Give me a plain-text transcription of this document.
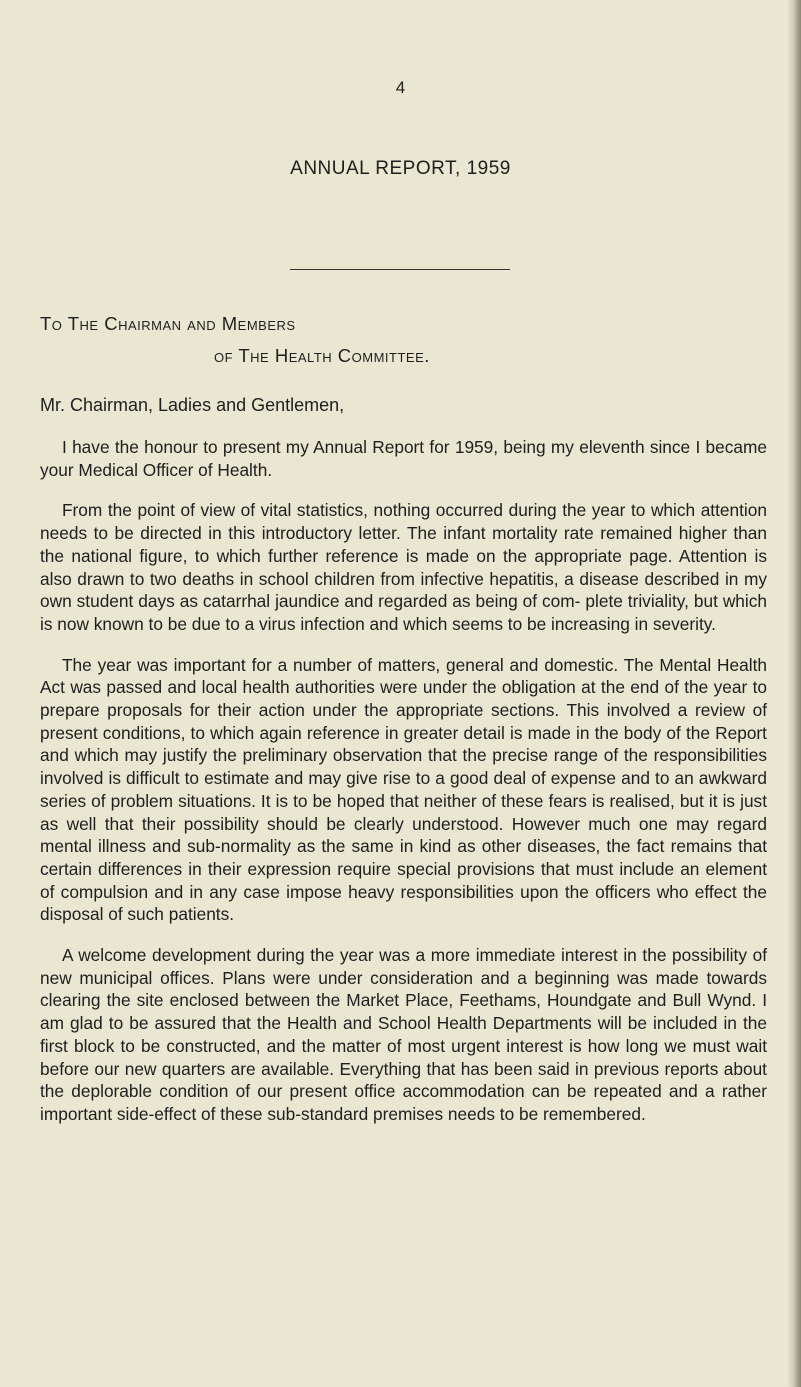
4

ANNUAL REPORT, 1959

To The Chairman and Members

of The Health Committee.

Mr. Chairman, Ladies and Gentlemen,

I have the honour to present my Annual Report for 1959, being my eleventh since I became your Medical Officer of Health.

From the point of view of vital statistics, nothing occurred during the year to which attention needs to be directed in this introductory letter. The infant mortality rate remained higher than the national figure, to which further reference is made on the appropriate page. Attention is also drawn to two deaths in school children from infective hepatitis, a disease described in my own student days as catarrhal jaundice and regarded as being of com- plete triviality, but which is now known to be due to a virus infection and which seems to be increasing in severity.

The year was important for a number of matters, general and domestic. The Mental Health Act was passed and local health authorities were under the obligation at the end of the year to prepare proposals for their action under the appropriate sections. This involved a review of present conditions, to which again reference in greater detail is made in the body of the Report and which may justify the preliminary observation that the precise range of the responsibilities involved is difficult to estimate and may give rise to a good deal of expense and to an awkward series of problem situations. It is to be hoped that neither of these fears is realised, but it is just as well that their possibility should be clearly understood. However much one may regard mental illness and sub-normality as the same in kind as other diseases, the fact remains that certain differences in their expression require special provisions that must include an element of compulsion and in any case impose heavy responsibilities upon the officers who effect the disposal of such patients.

A welcome development during the year was a more immediate interest in the possibility of new municipal offices. Plans were under consideration and a beginning was made towards clearing the site enclosed between the Market Place, Feethams, Houndgate and Bull Wynd. I am glad to be assured that the Health and School Health Departments will be included in the first block to be constructed, and the matter of most urgent interest is how long we must wait before our new quarters are available. Everything that has been said in previous reports about the deplorable condition of our present office accommodation can be repeated and a rather important side-effect of these sub-standard premises needs to be remembered.
